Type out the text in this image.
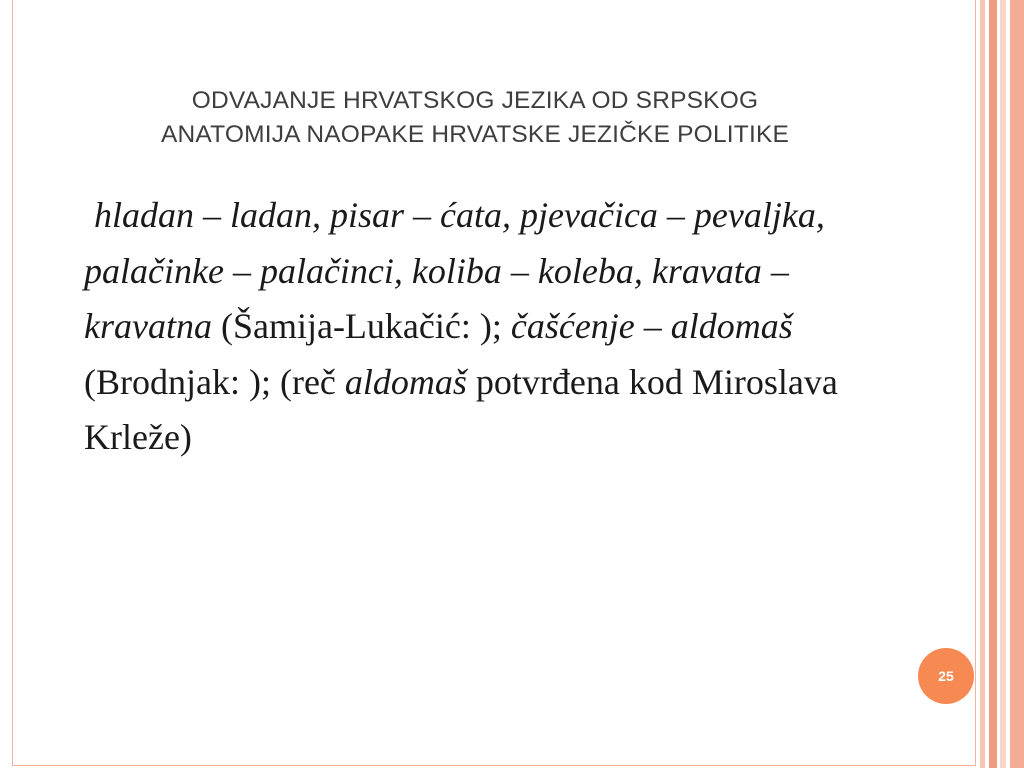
ODVAJANJE HRVATSKOG JEZIKA OD SRPSKOG
ANATOMIJA NAOPAKE HRVATSKE JEZIČKE POLITIKE
hladan – ladan, pisar – ćata, pjevačica – pevaljka, palačinke – palačinci, koliba – koleba, kravata – kravatna (Šamija-Lukačić: ); čašćenje – aldomaš (Brodnjak: ); (reč aldomaš potvrđena kod Miroslava Krleže)
25
